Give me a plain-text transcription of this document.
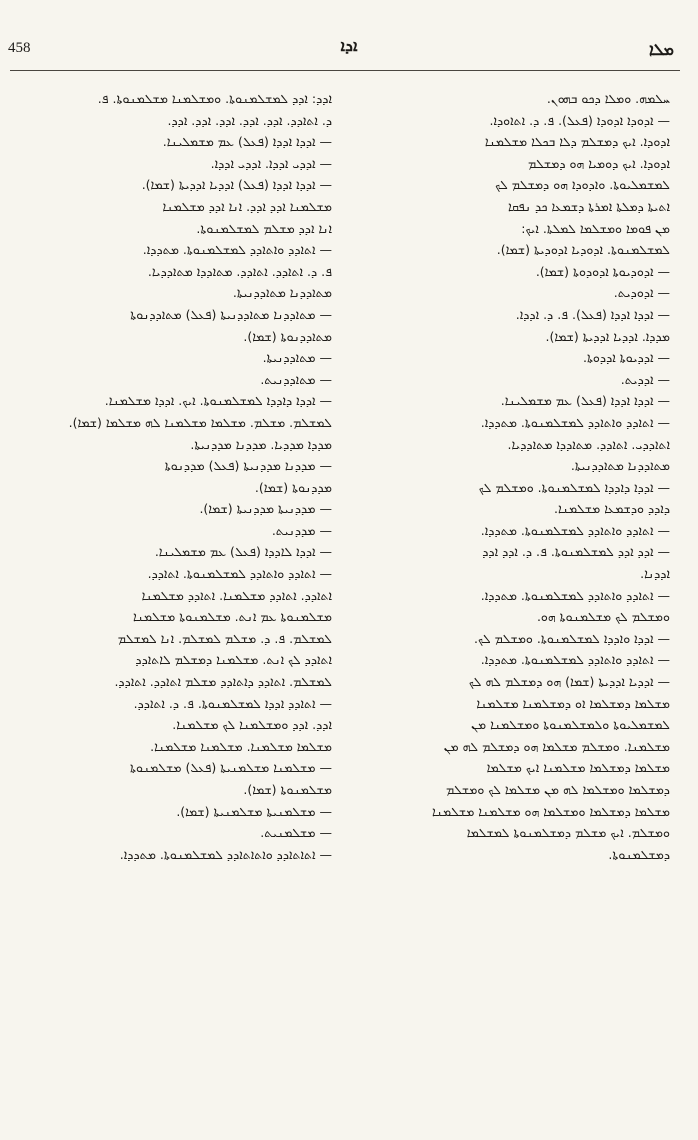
458	ܐܕܐ	ܡܠܐ

ܚܠܡܗ. ܘܡܠܐ ܕܟܘ ܒܗܘܢ.

— ܐܕܘܕܐ ܐܕܘܕܐ (ܦܥܠ). ܦ. ܕ. ܐܬܐܘܕܐ.

ܐܕܘܕܐ. ܐܝܟ ܕܡܫܠܡ ܕܠܐ ܒܟܠܐ ܡܫܠܡܢܐ

ܐܕܘܕܐ. ܐܝܟ ܕܘܡܝܐ ܗܘ ܕܡܫܠܡ

ܠܡܫܡܠܝܘܬܐ. ܘܐܕܘܕܐ ܗܘ ܕܡܫܠܡ ܠܟ

ܐܬܝܬܐ ܕܡܠܬܐ ܐܡܪܬܐ ܕܫܡܥܐ ܟܕ ܢܦܩܐ

ܡܢ ܦܘܡܐ ܘܡܫܠܡܐ ܠܡܠܬܐ. ܐܝܟ:

ܠܡܫܠܡܢܘܬܐ. ܐܕܘܕܝܐ ܐܕܘܕܝܬܐ (ܫܡܐ).

— ܐܕܘܕܝܘܬܐ ܐܕܘܕܘܬܐ (ܫܡܐ).

— ܐܕܘܕܝܬ.

— ܐܕܕܐ ܐܕܕܐ (ܦܥܠ). ܦ. ܕ. ܐܕܕܐ.

ܡܕܕܐ. ܐܕܕܝܐ ܐܕܕܝܬܐ (ܫܡܐ).

— ܐܕܕܝܘܬܐ ܐܕܕܘܬܐ.

— ܐܕܕܝܬ.

— ܐܕܕܐ ܐܕܕܐ (ܦܥܠ) ܥܡ ܡܫܡܠܝܢܐ.

— ܐܬܐܕܕ ܘܐܬܐܕܕ ܠܡܫܠܡܢܘܬܐ. ܡܬܕܕܐ.

ܐܬܐܕܕܝ. ܐܬܐܕܕ. ܡܬܐܕܕܐ ܡܬܐܕܕܝܐ.

ܡܬܐܕܕܢܐ ܡܬܐܕܕܢܝܬܐ.

— ܐܕܕܐ ܕܐܕܕܐ ܠܡܫܠܡܢܘܬܐ. ܘܡܫܠܡ ܠܟ

ܕܐܕܕ ܘܕܫܡܥܐ ܡܫܠܡܢܐ.

— ܐܬܐܕܕ ܘܐܬܐܕܕ ܠܡܫܠܡܢܘܬܐ. ܡܬܕܕܐ.

— ܐܕܕ ܐܕܕ ܠܡܫܠܡܢܘܬܐ. ܦ. ܕ. ܐܕܕ ܐܕܕ

ܐܕܕܢܐ.

— ܐܬܐܕܕ ܘܐܬܐܕܕ ܠܡܫܠܡܢܘܬܐ. ܡܬܕܕܐ.

ܘܡܫܠܡ ܠܟ ܡܫܠܡܢܘܬܐ ܗܘ.

— ܐܕܕܐ ܘܐܕܕܐ ܠܡܫܠܡܢܘܬܐ. ܘܡܫܠܡ ܠܟ.

— ܐܬܐܕܕ ܘܐܬܐܕܕ ܠܡܫܠܡܢܘܬܐ. ܡܬܕܕܐ.

— ܐܕܕܝܐ ܐܕܕܝܬܐ (ܫܡܐ) ܗܘ ܕܡܫܠܡ ܠܗ ܠܟ

ܡܫܠܡܐ ܕܡܫܠܡܐ ܐܘ ܕܡܫܠܡܢܐ ܡܫܠܡܢܐ

ܠܡܫܡܠܝܘܬܐ ܘܠܡܫܠܡܢܘܬܐ ܘܡܫܠܡܢܐ ܡܢ

ܡܫܠܡܢܐ. ܘܡܫܠܡ ܡܫܠܡܐ ܗܘ ܕܡܫܠܡ ܠܗ ܡܢ

ܡܫܠܡܐ ܕܡܫܠܡܐ ܡܫܠܡܢܐ ܐܝܟ ܡܫܠܡܐ

ܕܡܫܠܡܐ ܘܡܫܠܡܐ ܠܗ ܡܢ ܡܫܠܡܐ ܠܟ ܘܡܫܠܡ

ܡܫܠܡܐ ܕܡܫܠܡܐ ܘܡܫܠܡܐ ܗܘ ܡܫܠܡܢܐ ܡܫܠܡܢܐ

ܘܡܫܠܡ. ܐܝܟ ܡܫܠܡ ܕܡܫܠܡܢܘܬܐ ܠܡܫܠܡܐ

ܕܡܫܠܡܢܘܬܐ.

ܐܕܕ: ܐܕܕ ܠܡܫܠܡܢܘܬܐ. ܘܡܫܠܡܢܐ ܡܫܠܡܢܘܬܐ. ܦ.

ܕ. ܐܬܐܕܕ. ܐܕܕ. ܐܕܕ. ܐܕܕ. ܐܕܕ. ܐܕܕ.

— ܐܕܕܐ ܐܕܕܐ (ܦܥܠ) ܥܡ ܡܫܡܠܝܢܐ.

— ܐܕܕܝ ܐܕܕܐ. ܐܕܕܝ ܐܕܕܐ.

— ܐܕܕܐ ܐܕܕܐ (ܦܥܠ) ܐܕܕܝܐ ܐܕܕܝܬܐ (ܫܡܐ).

ܡܫܠܡܢܐ ܐܕܕ ܐܕܕ. ܐܢܐ ܐܕܕ ܡܫܠܡܢܐ

ܐܢܐ ܐܕܕ ܡܫܠܡ ܠܡܫܠܡܢܘܬܐ.

— ܐܬܐܕܕ ܘܐܬܐܕܕ ܠܡܫܠܡܢܘܬܐ. ܡܬܕܕܐ.

ܦ. ܕ. ܐܬܐܕܕ. ܐܬܐܕܕ. ܡܬܐܕܕܐ ܡܬܐܕܕܝܐ.

ܡܬܐܕܕܢܐ ܡܬܐܕܕܢܝܬܐ.

— ܡܬܐܕܕܢܐ ܡܬܐܕܕܢܝܬܐ (ܦܥܠ) ܡܬܐܕܕܢܘܬܐ

ܡܬܐܕܕܢܘܬܐ (ܫܡܐ).

— ܡܬܐܕܕܢܝܬܐ.

— ܡܬܐܕܕܢܝܬ.

— ܐܕܕܐ ܕܐܕܕܐ ܠܡܫܠܡܢܘܬܐ. ܐܝܟ. ܐܕܕܐ ܡܫܠܡܢܐ.

ܠܡܫܠܡ. ܡܫܠܡ. ܡܫܠܡܐ ܡܫܠܡܢܐ ܠܗ ܡܫܠܡܐ (ܫܡܐ).

ܡܕܕܐ ܡܕܕܝܐ. ܡܕܕܢܐ ܡܕܕܢܝܬܐ.

— ܡܕܕܢܐ ܡܕܕܢܝܬܐ (ܦܥܠ) ܡܕܕܢܘܬܐ

ܡܕܕܢܘܬܐ (ܫܡܐ).

— ܡܕܕܢܝܬܐ ܡܕܕܢܝܬܐ (ܫܡܐ).

— ܡܕܕܢܝܬ.

— ܐܕܕܐ ܠܐܕܕܐ (ܦܥܠ) ܥܡ ܡܫܡܠܝܢܐ.

— ܐܬܐܕܕ ܘܐܬܐܕܕ ܠܡܫܠܡܢܘܬܐ. ܐܬܐܕܕ.

ܐܬܐܕܕ. ܐܬܐܕܕ ܡܫܠܡܢܐ. ܐܬܐܕܕ ܡܫܠܡܢܐ

ܡܫܠܡܢܘܬܐ ܥܡ ܐܢܬ. ܡܫܠܡܢܘܬܐ ܡܫܠܡܢܐ

ܠܡܫܠܡ. ܦ. ܕ. ܡܫܠܡ ܠܡܫܠܡ. ܐܢܐ ܠܡܫܠܡ

ܐܬܐܕܕ ܠܟ ܐܢܬ. ܡܫܠܡܢܐ ܕܡܫܠܡ ܠܐܬܐܕܕ

ܠܡܫܠܡ. ܐܬܐܕܕ ܕܐܬܐܕܕ ܡܫܠܡ ܐܬܐܕܕ. ܐܬܐܕܕ.

— ܐܬܐܕܕ ܐܕܕܐ ܠܡܫܠܡܢܘܬܐ. ܦ. ܕ. ܐܬܐܕܕ.

ܐܕܕ. ܐܕܕ ܘܡܫܠܡܢܐ ܠܟ ܡܫܠܡܢܐ.

ܡܫܠܡܐ ܡܫܠܡܢܐ. ܡܫܠܡܢܐ ܡܫܠܡܢܐ.

— ܡܫܠܡܢܐ ܡܫܠܡܢܝܬܐ (ܦܥܠ) ܡܫܠܡܢܘܬܐ

ܡܫܠܡܢܘܬܐ (ܫܡܐ).

— ܡܫܠܡܢܝܬܐ ܡܫܠܡܢܝܬܐ (ܫܡܐ).

— ܡܫܠܡܢܝܬ.

— ܐܬܐܬܐܕܕ ܘܐܬܐܬܐܕܕ ܠܡܫܠܡܢܘܬܐ. ܡܬܕܕܐ.
